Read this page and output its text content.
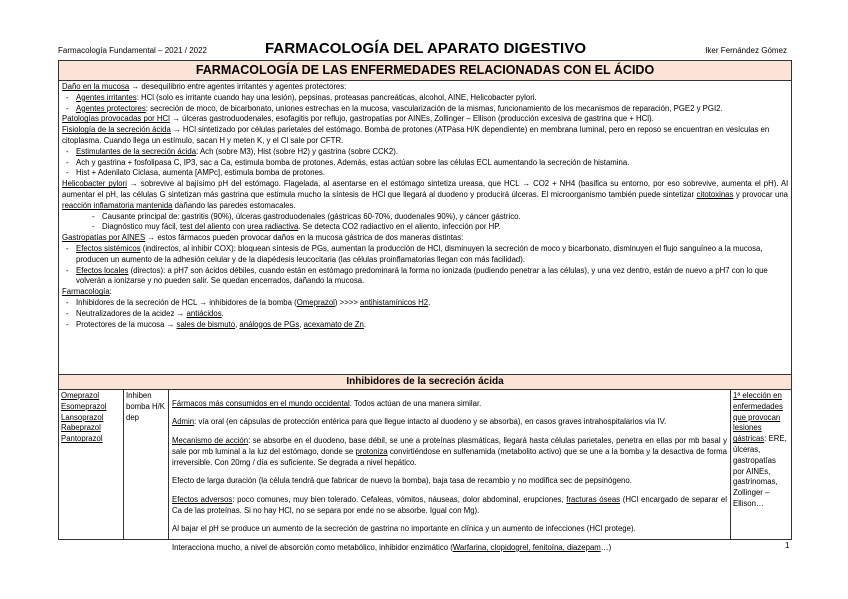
Farmacología Fundamental – 2021 / 2022	FARMACOLOGÍA DEL APARATO DIGESTIVO	Iker Fernández Gómez
FARMACOLOGÍA DE LAS ENFERMEDADES RELACIONADAS CON EL ÁCIDO

Daño en la mucosa → desequilibrio entre agentes irritantes y agentes protectores:

- Agentes irritantes: HCl (solo es irritante cuando hay una lesión), pepsinas, proteasas pancreáticas, alcohol, AINE, Helicobacter pylori.

- Agentes protectores: secreción de moco, de bicarbonato, uniones estrechas en la mucosa, vascularización de la mismas, funcionamiento de los mecanismos de reparación, PGE2 y PGI2.

Patologías provocadas por HCl → úlceras gastroduodenales, esofagitis por reflujo, gastropatías por AINEs, Zollinger – Ellison (producción excesiva de gastrina que + HCl).

Fisiología de la secreción ácida → HCl sintetizado por células parietales del estómago. Bomba de protones (ATPasa H/K dependiente) en membrana luminal, pero en reposo se encuentran en vesículas en citoplasma. Cuando llega un estímulo, sacan H y meten K, y el Cl sale por CFTR.

- Estimulantes de la secreción ácida: Ach (sobre M3), Hist (sobre H2) y gastrina (sobre CCK2).

- Ach y gastrina + fosfolipasa C, IP3, sac a Ca, estimula bomba de protones. Además, estas actúan sobre las células ECL aumentando la secreción de histamina.

- Hist + Adenilato Ciclasa, aumenta [AMPc], estimula bomba de protones.

Helicobacter pylori → sobrevive al bajísimo pH del estómago. Flagelada, al asentarse en el estómago sintetiza ureasa, que HCL → CO2 + NH4 (basifica su entorno, por eso sobrevive, aumenta el pH). Al aumentar el pH, las células G sintetizan más gastrina que estimula mucho la síntesis de HCl que llegará al duodeno y producirá úlceras. El microorganismo también puede sintetizar citotoxinas y provocar una reacción inflamatoria mantenida dañando las paredes estomacales.

- Causante principal de: gastritis (90%), úlceras gastroduodenales (gástricas 60-70%, duodenales 90%), y cáncer gástrico.

- Diagnóstico muy fácil, test del aliento con urea radiactiva. Se detecta CO2 radiactivo en el aliento, infección por HP.

Gastropatías por AINES → estos fármacos pueden provocar daños en la mucosa gástrica de dos maneras distintas:

- Efectos sistémicos (indirectos, al inhibir COX): bloquean síntesis de PGs, aumentan la producción de HCl, disminuyen la secreción de moco y bicarbonato, disminuyen el flujo sanguíneo a la mucosa, producen un aumento de la adhesión celular y de la diapédesis leucocitaria (las células proinflamatorias llegan con más facilidad).

- Efectos locales (directos): a pH7 son ácidos débiles, cuando están en estómago predominará la forma no ionizada (pudiendo penetrar a las células), y una vez dentro, están de nuevo a pH7 con lo que volverán a ionizarse y no pueden salir. Se quedan encerrados, dañando la mucosa.

Farmacología:

- Inhibidores de la secreción de HCL → inhibidores de la bomba (Omeprazol) >>>> antihistamínicos H2.

- Neutralizadores de la acidez → antiácidos.

- Protectores de la mucosa → sales de bismuto, análogos de PGs, acexamato de Zn.

Inhibidores de la secreción ácida
Omeprazol
Esomeprazol
Lansoprazol
Rabeprazol
Pantoprazol
Inhiben bomba H/K dep

Fármacos más consumidos en el mundo occidental. Todos actúan de una manera similar.

Admin: vía oral (en cápsulas de protección entérica para que llegue intacto al duodeno y se absorba), en casos graves intrahospitalarios vía IV.

Mecanismo de acción: se absorbe en el duodeno, base débil, se une a proteínas plasmáticas, llegará hasta células parietales, penetra en ellas por mb basal y sale por mb luminal a la luz del estómago, donde se protoniza convirtiéndose en sulfenamida (metabolito activo) que se une a la bomba y la desactiva de forma irreversible. Con 20mg / día es suficiente. Se degrada a nivel hepático.

Efecto de larga duración (la célula tendrá que fabricar de nuevo la bomba), baja tasa de recambio y no modifica sec de pepsinógeno.

Efectos adversos: poco comunes, muy bien tolerado. Cefaleas, vómitos, náuseas, dolor abdominal, erupciones, fracturas óseas (HCl encargado de separar el Ca de las proteínas. Si no hay HCl, no se separa por ende no se absorbe. Igual con Mg).

Al bajar el pH se produce un aumento de la secreción de gastrina no importante en clínica y un aumento de infecciones (HCl protege).

Interacciona mucho, a nivel de absorción como metabólico, inhibidor enzimático (Warfarina, clopidogrel, fenitoína, diazepam…)

1ª elección en enfermedades que provocan lesiones gástricas: ERE, úlceras, gastropatías por AINEs, gastrinomas, Zollinger – Ellison…
1
